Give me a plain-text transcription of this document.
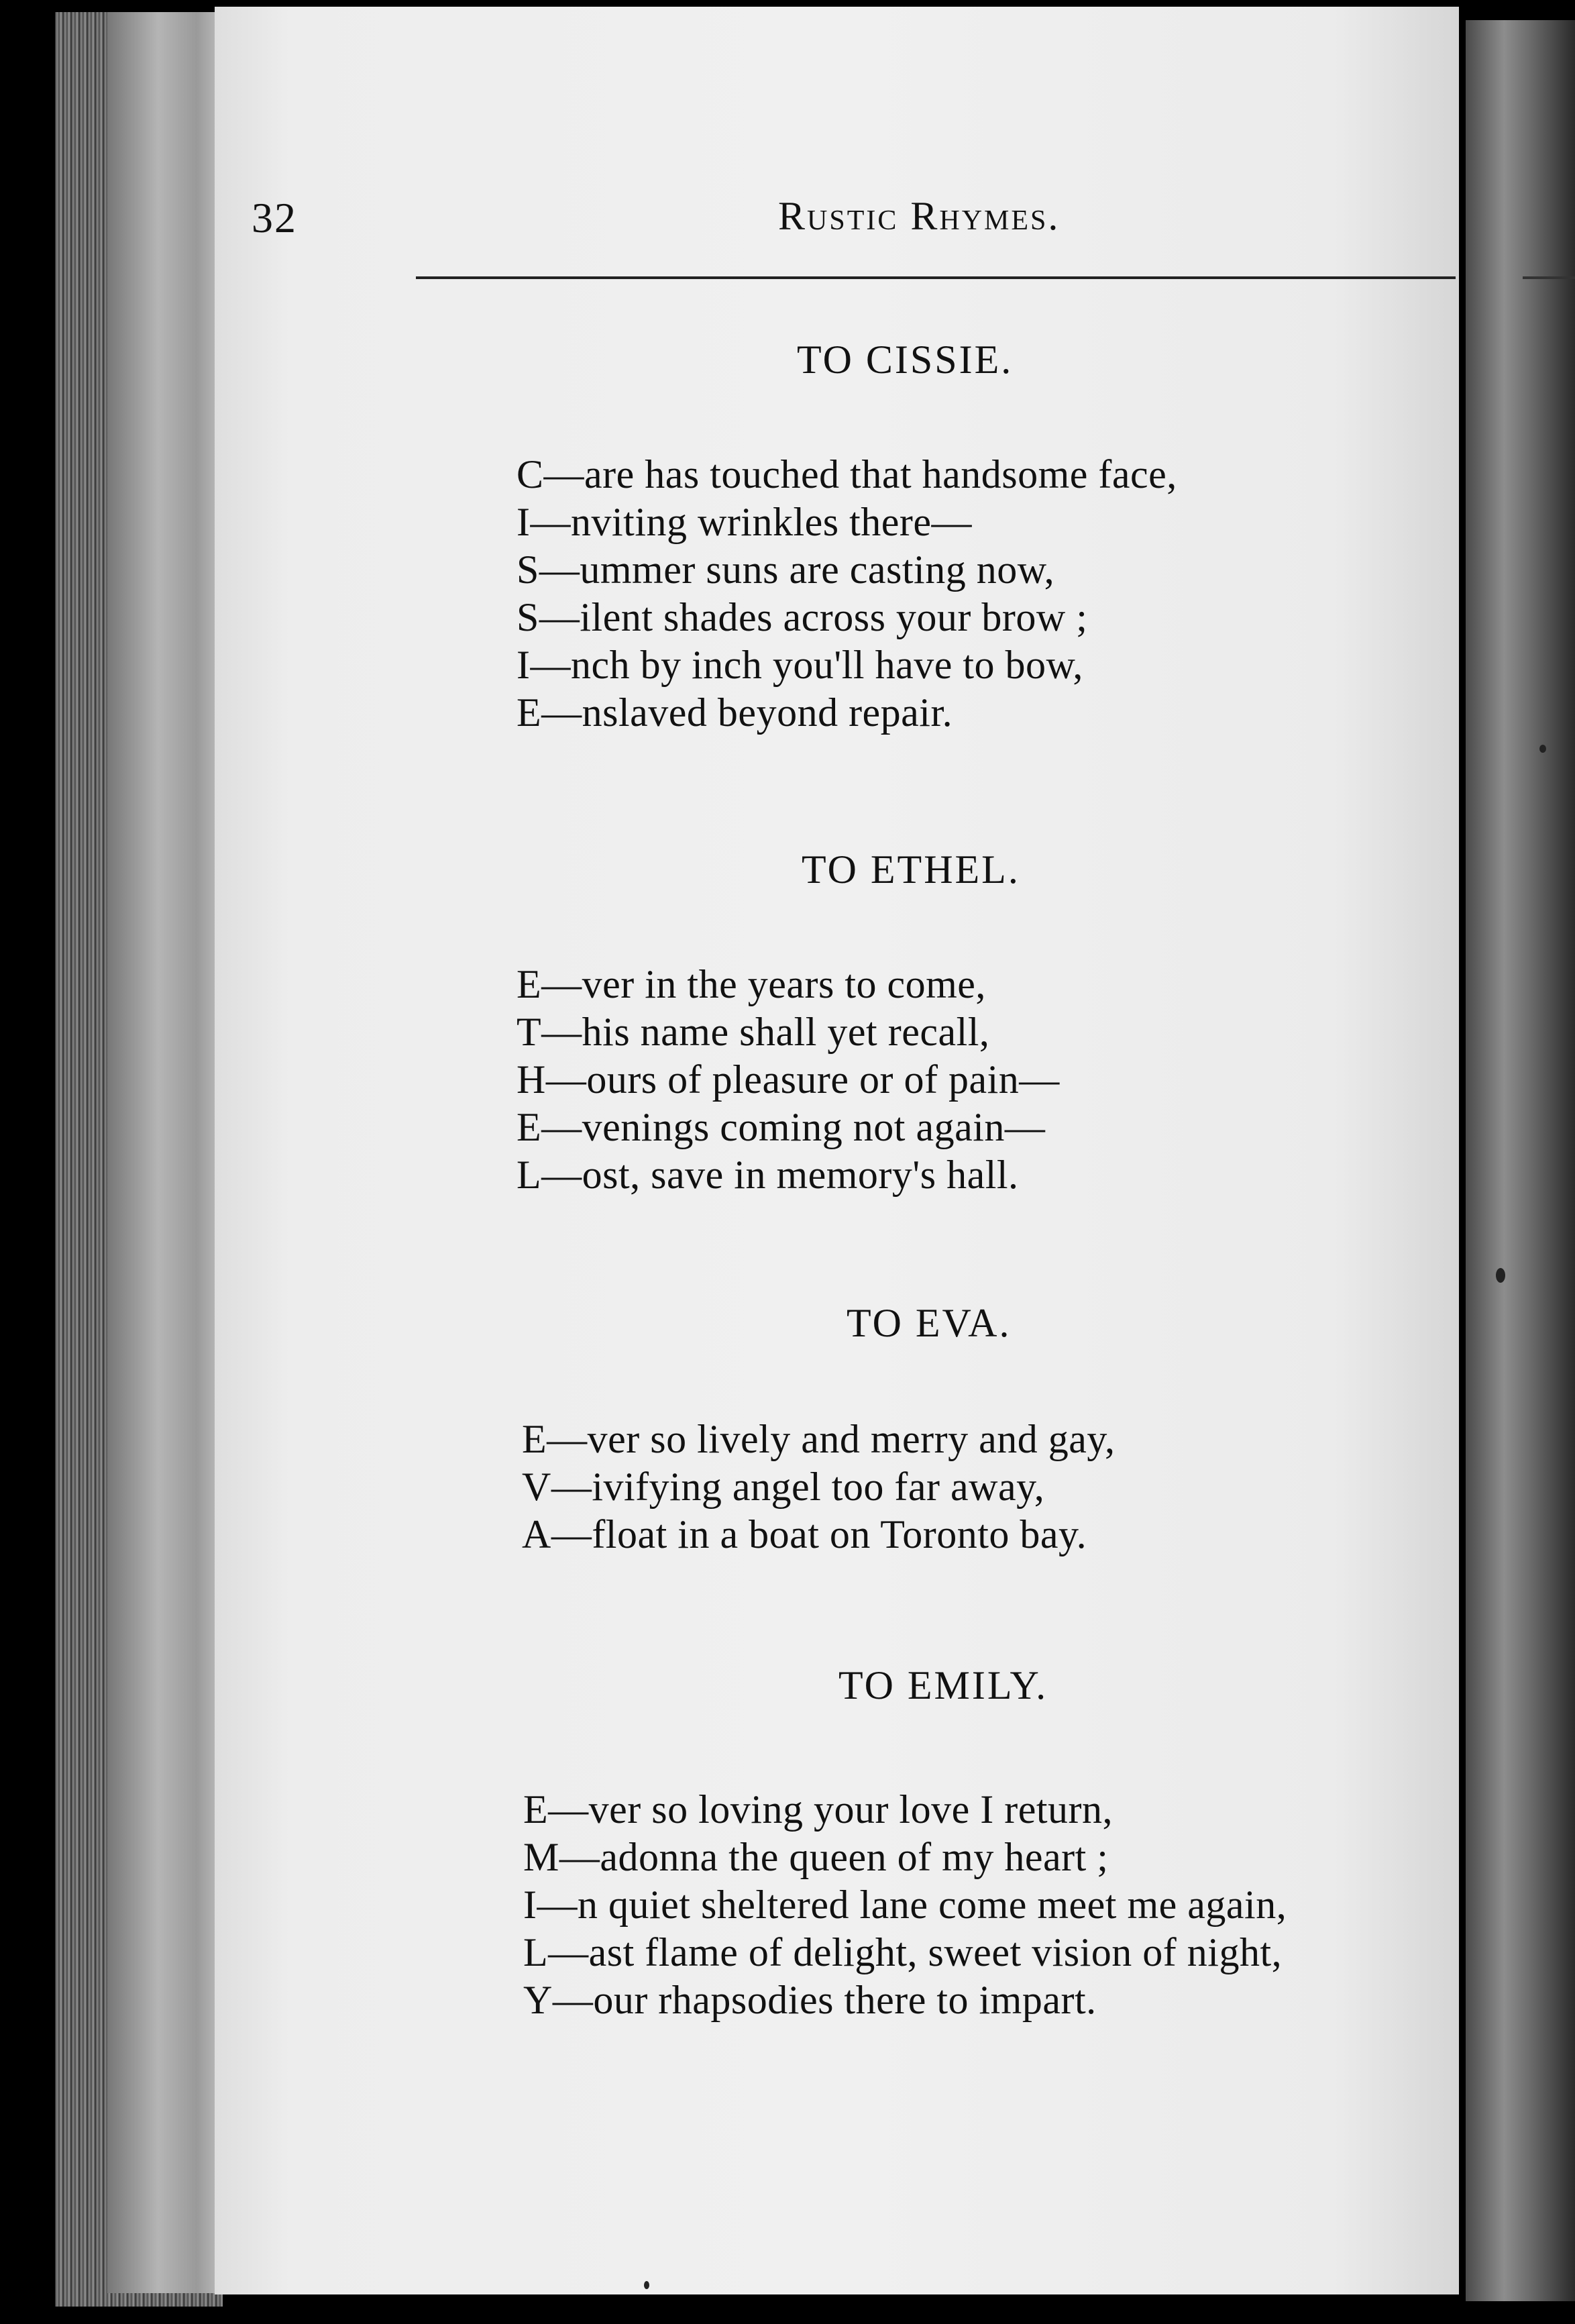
32	Rustic Rhymes.
TO CISSIE.
C—are has touched that handsome face,
I—nviting wrinkles there—
S—ummer suns are casting now,
S—ilent shades across your brow ;
I—nch by inch you'll have to bow,
E—nslaved beyond repair.
TO ETHEL.
E—ver in the years to come,
T—his name shall yet recall,
H—ours of pleasure or of pain—
E—venings coming not again—
L—ost, save in memory's hall.
TO EVA.
E—ver so lively and merry and gay,
V—ivifying angel too far away,
A—float in a boat on Toronto bay.
TO EMILY.
E—ver so loving your love I return,
M—adonna the queen of my heart ;
I—n quiet sheltered lane come meet me again,
L—ast flame of delight, sweet vision of night,
Y—our rhapsodies there to impart.
